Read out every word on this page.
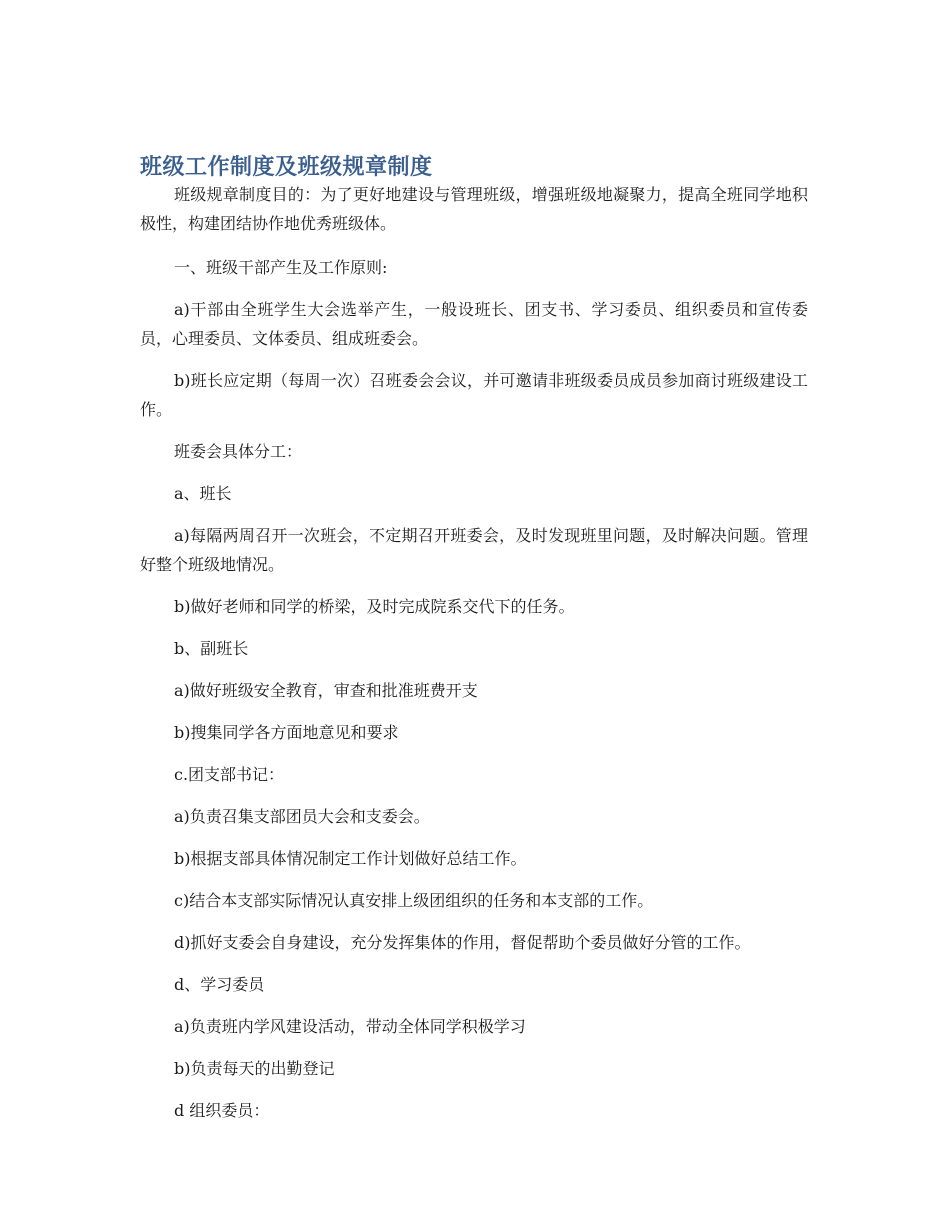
班级工作制度及班级规章制度

班级规章制度目的：为了更好地建设与管理班级，增强班级地凝聚力，提高全班同学地积极性，构建团结协作地优秀班级体。

一、班级干部产生及工作原则:

a)干部由全班学生大会选举产生，一般设班长、团支书、学习委员、组织委员和宣传委员，心理委员、文体委员、组成班委会。

b)班长应定期（每周一次）召班委会会议，并可邀请非班级委员成员参加商讨班级建设工作。

班委会具体分工：

a、班长

a)每隔两周召开一次班会，不定期召开班委会，及时发现班里问题，及时解决问题。管理好整个班级地情况。

b)做好老师和同学的桥梁，及时完成院系交代下的任务。

b、副班长

a)做好班级安全教育，审查和批准班费开支

b)搜集同学各方面地意见和要求

c.团支部书记：

a)负责召集支部团员大会和支委会。

b)根据支部具体情况制定工作计划做好总结工作。

c)结合本支部实际情况认真安排上级团组织的任务和本支部的工作。

d)抓好支委会自身建设，充分发挥集体的作用，督促帮助个委员做好分管的工作。

d、学习委员

a)负责班内学风建设活动，带动全体同学积极学习

b)负责每天的出勤登记

d 组织委员：
